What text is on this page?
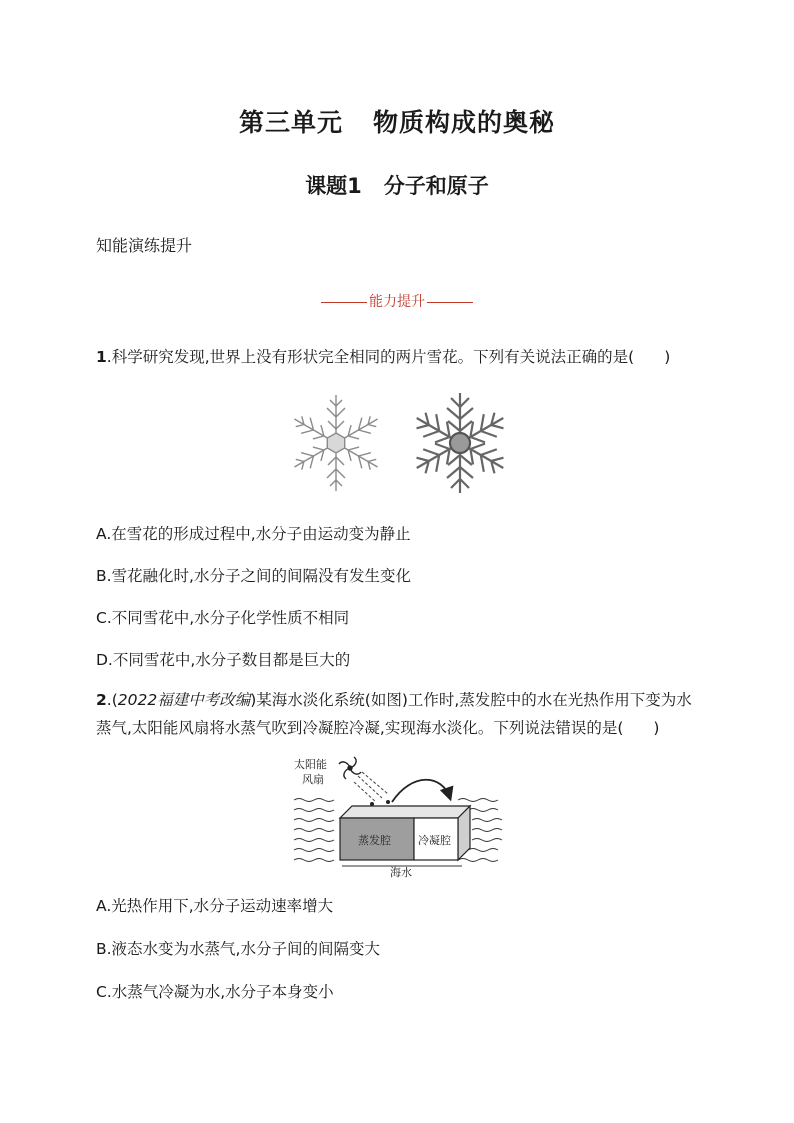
第三单元 物质构成的奥秘
课题1 分子和原子
知能演练提升
能力提升
1.科学研究发现,世界上没有形状完全相同的两片雪花。下列有关说法正确的是( )
A.在雪花的形成过程中,水分子由运动变为静止
B.雪花融化时,水分子之间的间隔没有发生变化
C.不同雪花中,水分子化学性质不相同
D.不同雪花中,水分子数目都是巨大的
2.(2022福建中考改编)某海水淡化系统(如图)工作时,蒸发腔中的水在光热作用下变为水
蒸气,太阳能风扇将水蒸气吹到冷凝腔冷凝,实现海水淡化。下列说法错误的是( )
太阳能
风扇
蒸发腔 冷凝腔
海水
A.光热作用下,水分子运动速率增大
B.液态水变为水蒸气,水分子间的间隔变大
C.水蒸气冷凝为水,水分子本身变小
